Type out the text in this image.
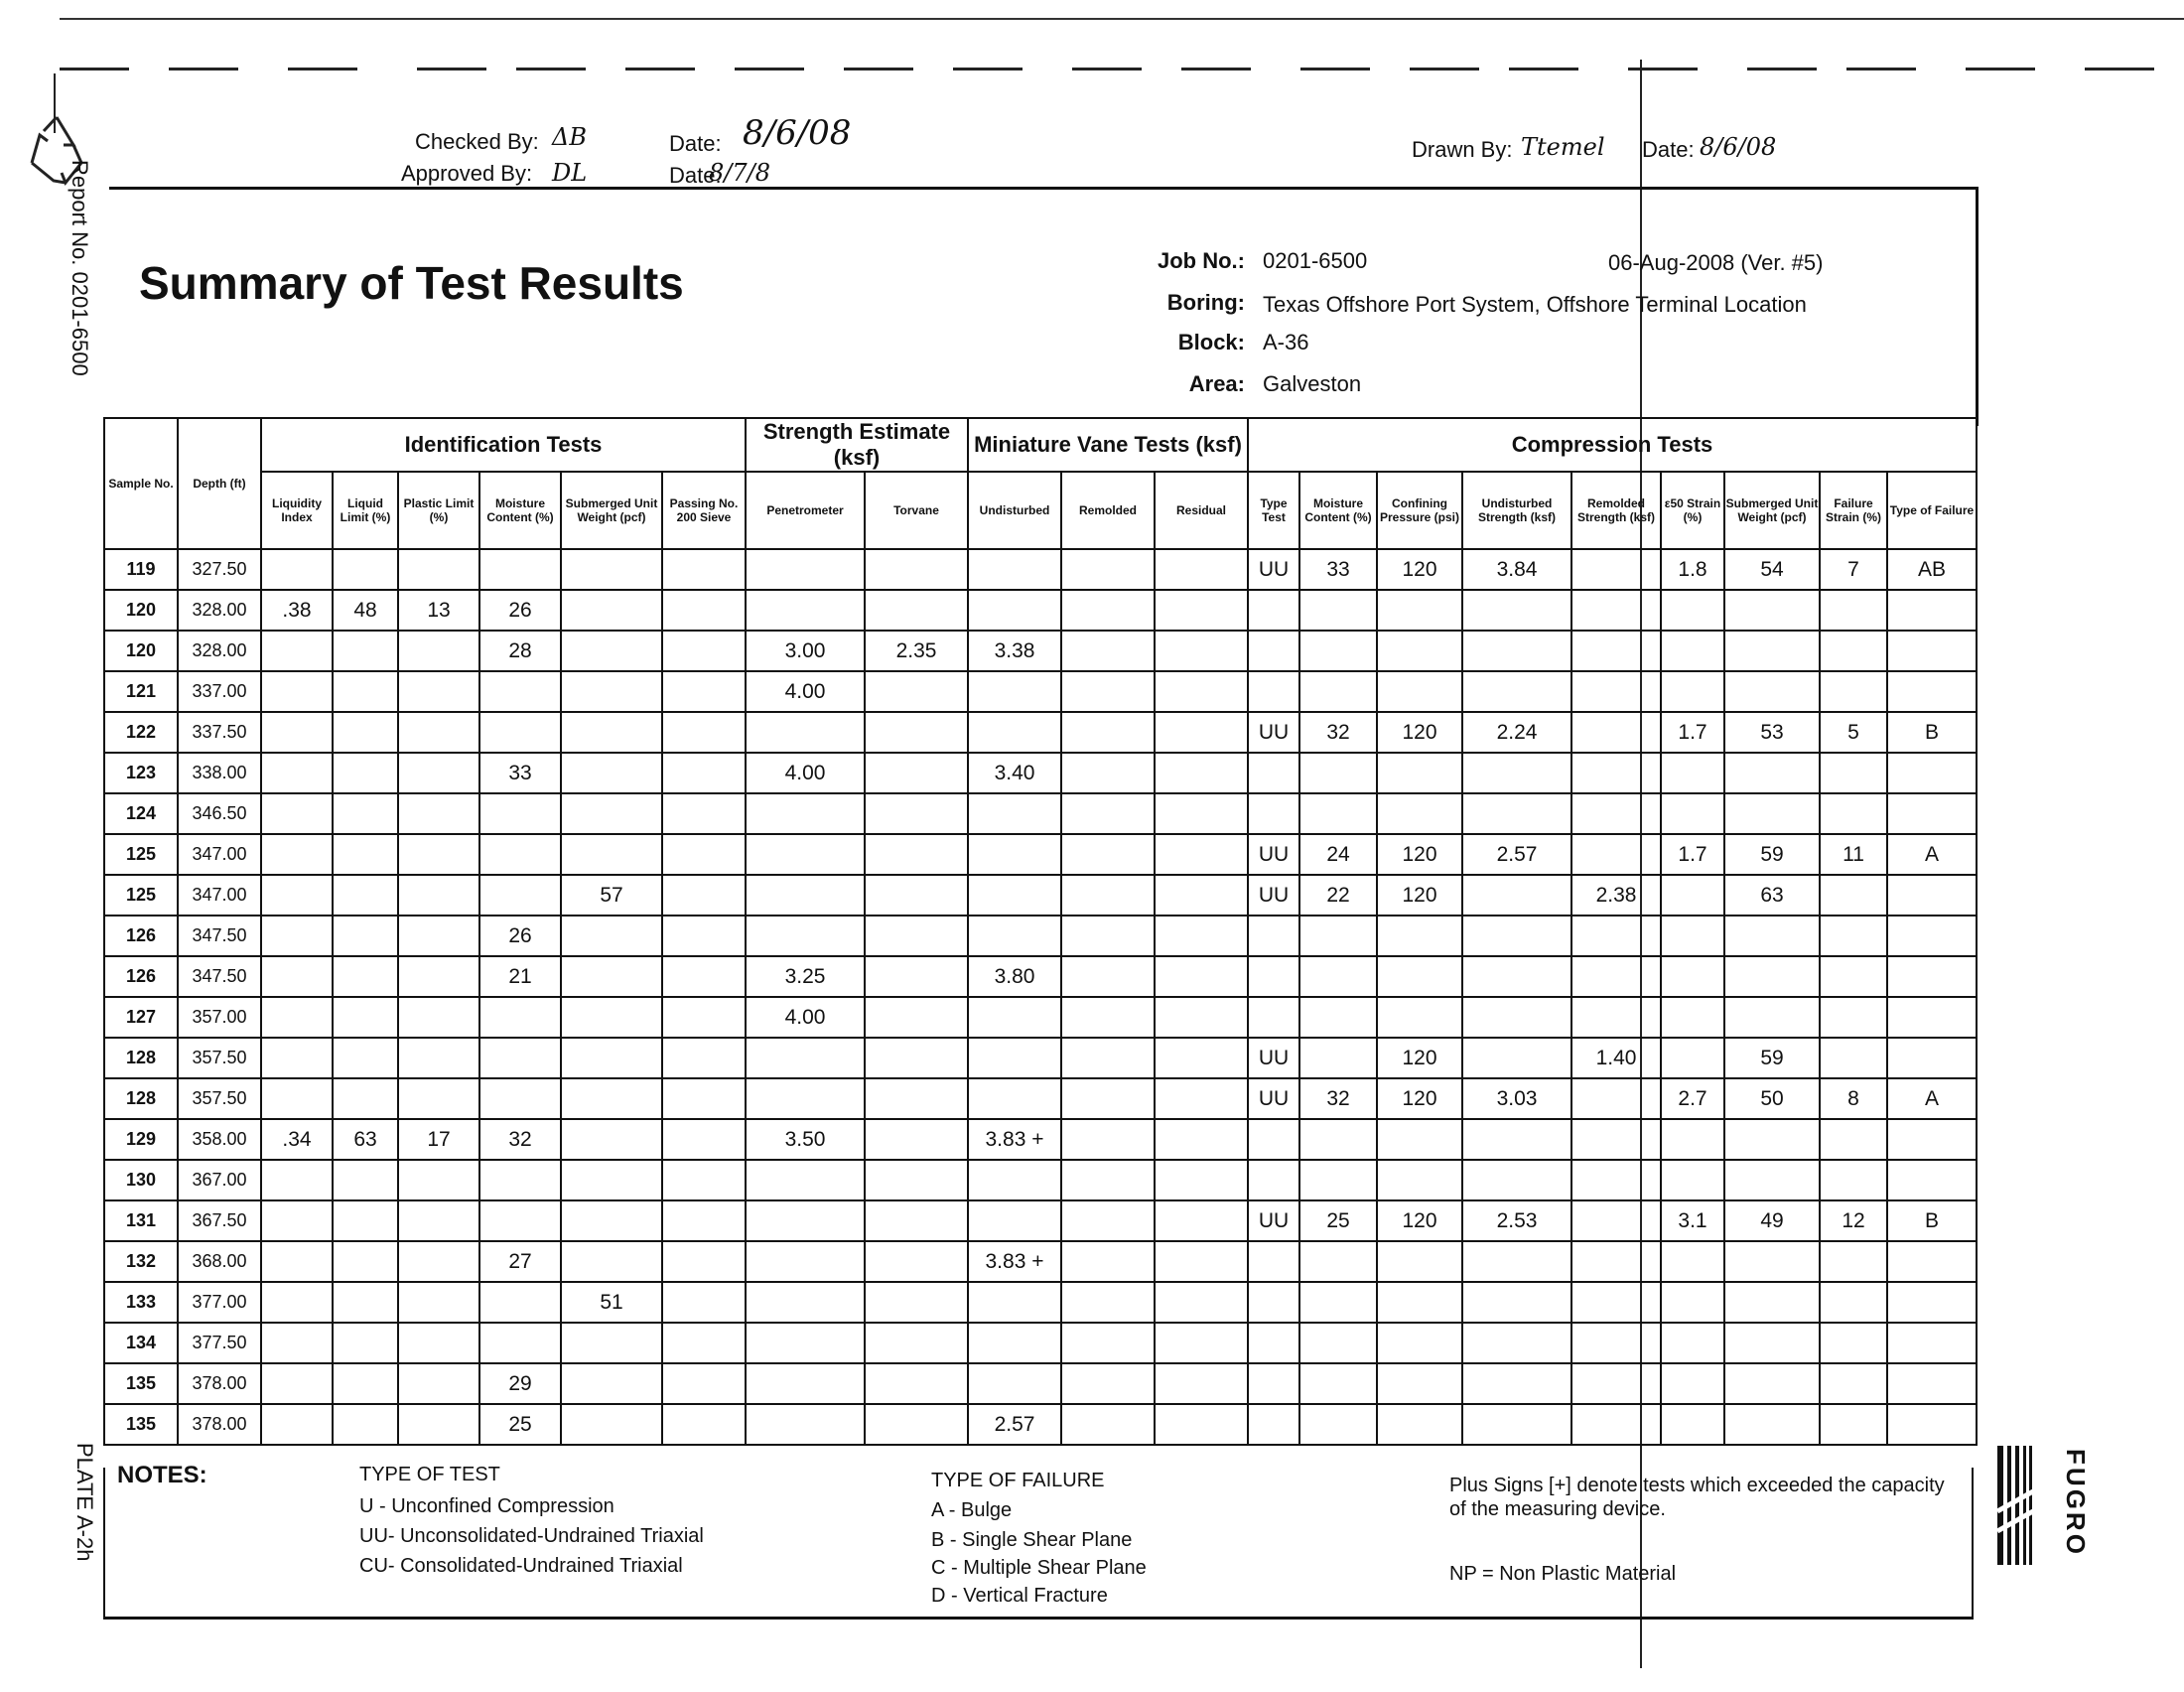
Report No. 0201-6500
PLATE A-2h
Checked By: ΔB
Approved By: DL
Date: 8/6/08
Date:
8/7/8
Drawn By: Ttemel Date: 8/6/08
Summary of Test Results	Job No.: 0201-6500	06-Aug-2008 (Ver. #5)
Boring: Texas Offshore Port System, Offshore Terminal Location
Block: A-36
Area: Galveston
Sample No.	Depth (ft)	Identification Tests						Strength Estimate (ksf)		Miniature Vane Tests (ksf)			Compression Tests								
		Liquidity Index	Liquid Limit (%)	Plastic Limit (%)	Moisture Content (%)	Submerged Unit Weight (pcf)	Passing No. 200 Sieve	Penetrometer	Torvane	Undisturbed	Remolded	Residual	Type Test	Moisture Content (%)	Confining Pressure (psi)	Undisturbed Strength (ksf)	Remolded Strength (ksf)	ε50 Strain (%)	Submerged Unit Weight (pcf)	Failure Strain (%)	Type of Failure
119	327.50												UU	33	120	3.84		1.8	54	7	AB
120	328.00	.38	48	13	26																
120	328.00				28			3.00	2.35	3.38											
121	337.00							4.00													
122	337.50												UU	32	120	2.24		1.7	53	5	B
123	338.00				33			4.00		3.40											
124	346.50																				
125	347.00												UU	24	120	2.57		1.7	59	11	A
125	347.00					57							UU	22	120		2.38		63		
126	347.50				26																
126	347.50				21			3.25		3.80											
127	357.00							4.00													
128	357.50												UU		120		1.40		59		
128	357.50												UU	32	120	3.03		2.7	50	8	A
129	358.00	.34	63	17	32			3.50		3.83 +											
130	367.00																				
131	367.50												UU	25	120	2.53		3.1	49	12	B
132	368.00				27					3.83 +											
133	377.00					51															
134	377.50																				
135	378.00				29																
135	378.00				25					2.57											
NOTES:	TYPE OF TEST
U - Unconfined Compression
UU- Unconsolidated-Undrained Triaxial
CU- Consolidated-Undrained Triaxial
TYPE OF FAILURE
A - Bulge
B - Single Shear Plane
C - Multiple Shear Plane
D - Vertical Fracture
Plus Signs [+] denote tests which exceeded the capacity of the measuring device.
NP = Non Plastic Material
FUGRO
